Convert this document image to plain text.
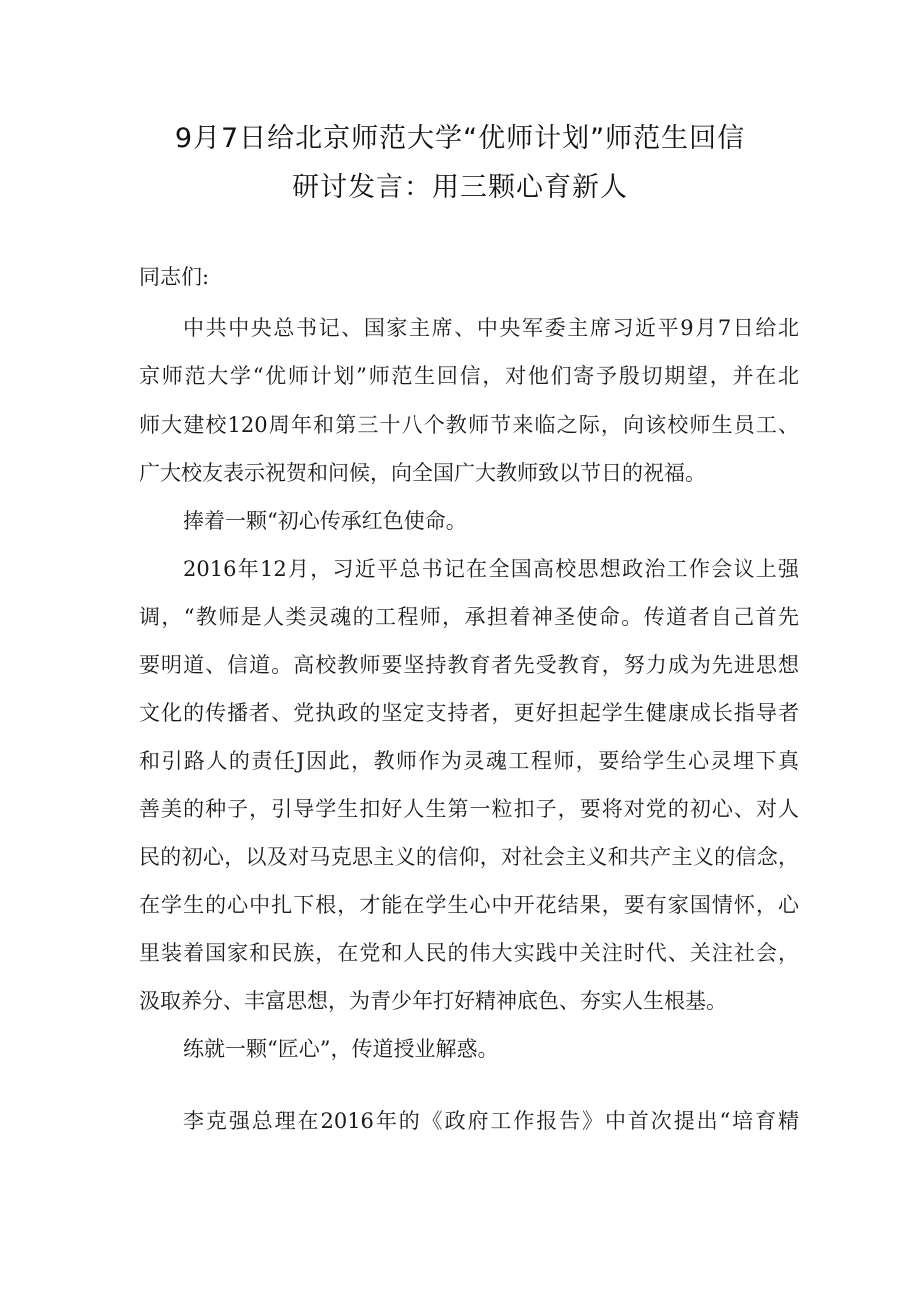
9月7日给北京师范大学“优师计划”师范生回信
研讨发言：用三颗心育新人
同志们:
中共中央总书记、国家主席、中央军委主席习近平9月7日给北
京师范大学“优师计划”师范生回信，对他们寄予殷切期望，并在北
师大建校120周年和第三十八个教师节来临之际，向该校师生员工、
广大校友表示祝贺和问候，向全国广大教师致以节日的祝福。
捧着一颗“初心传承红色使命。
2016年12月，习近平总书记在全国高校思想政治工作会议上强
调，“教师是人类灵魂的工程师，承担着神圣使命。传道者自己首先
要明道、信道。高校教师要坚持教育者先受教育，努力成为先进思想
文化的传播者、党执政的坚定支持者，更好担起学生健康成长指导者
和引路人的责任J因此，教师作为灵魂工程师，要给学生心灵埋下真
善美的种子，引导学生扣好人生第一粒扣子，要将对党的初心、对人
民的初心，以及对马克思主义的信仰，对社会主义和共产主义的信念，
在学生的心中扎下根，才能在学生心中开花结果，要有家国情怀，心
里装着国家和民族，在党和人民的伟大实践中关注时代、关注社会，
汲取养分、丰富思想，为青少年打好精神底色、夯实人生根基。
练就一颗“匠心”，传道授业解惑。
李克强总理在2016年的《政府工作报告》中首次提出“培育精
